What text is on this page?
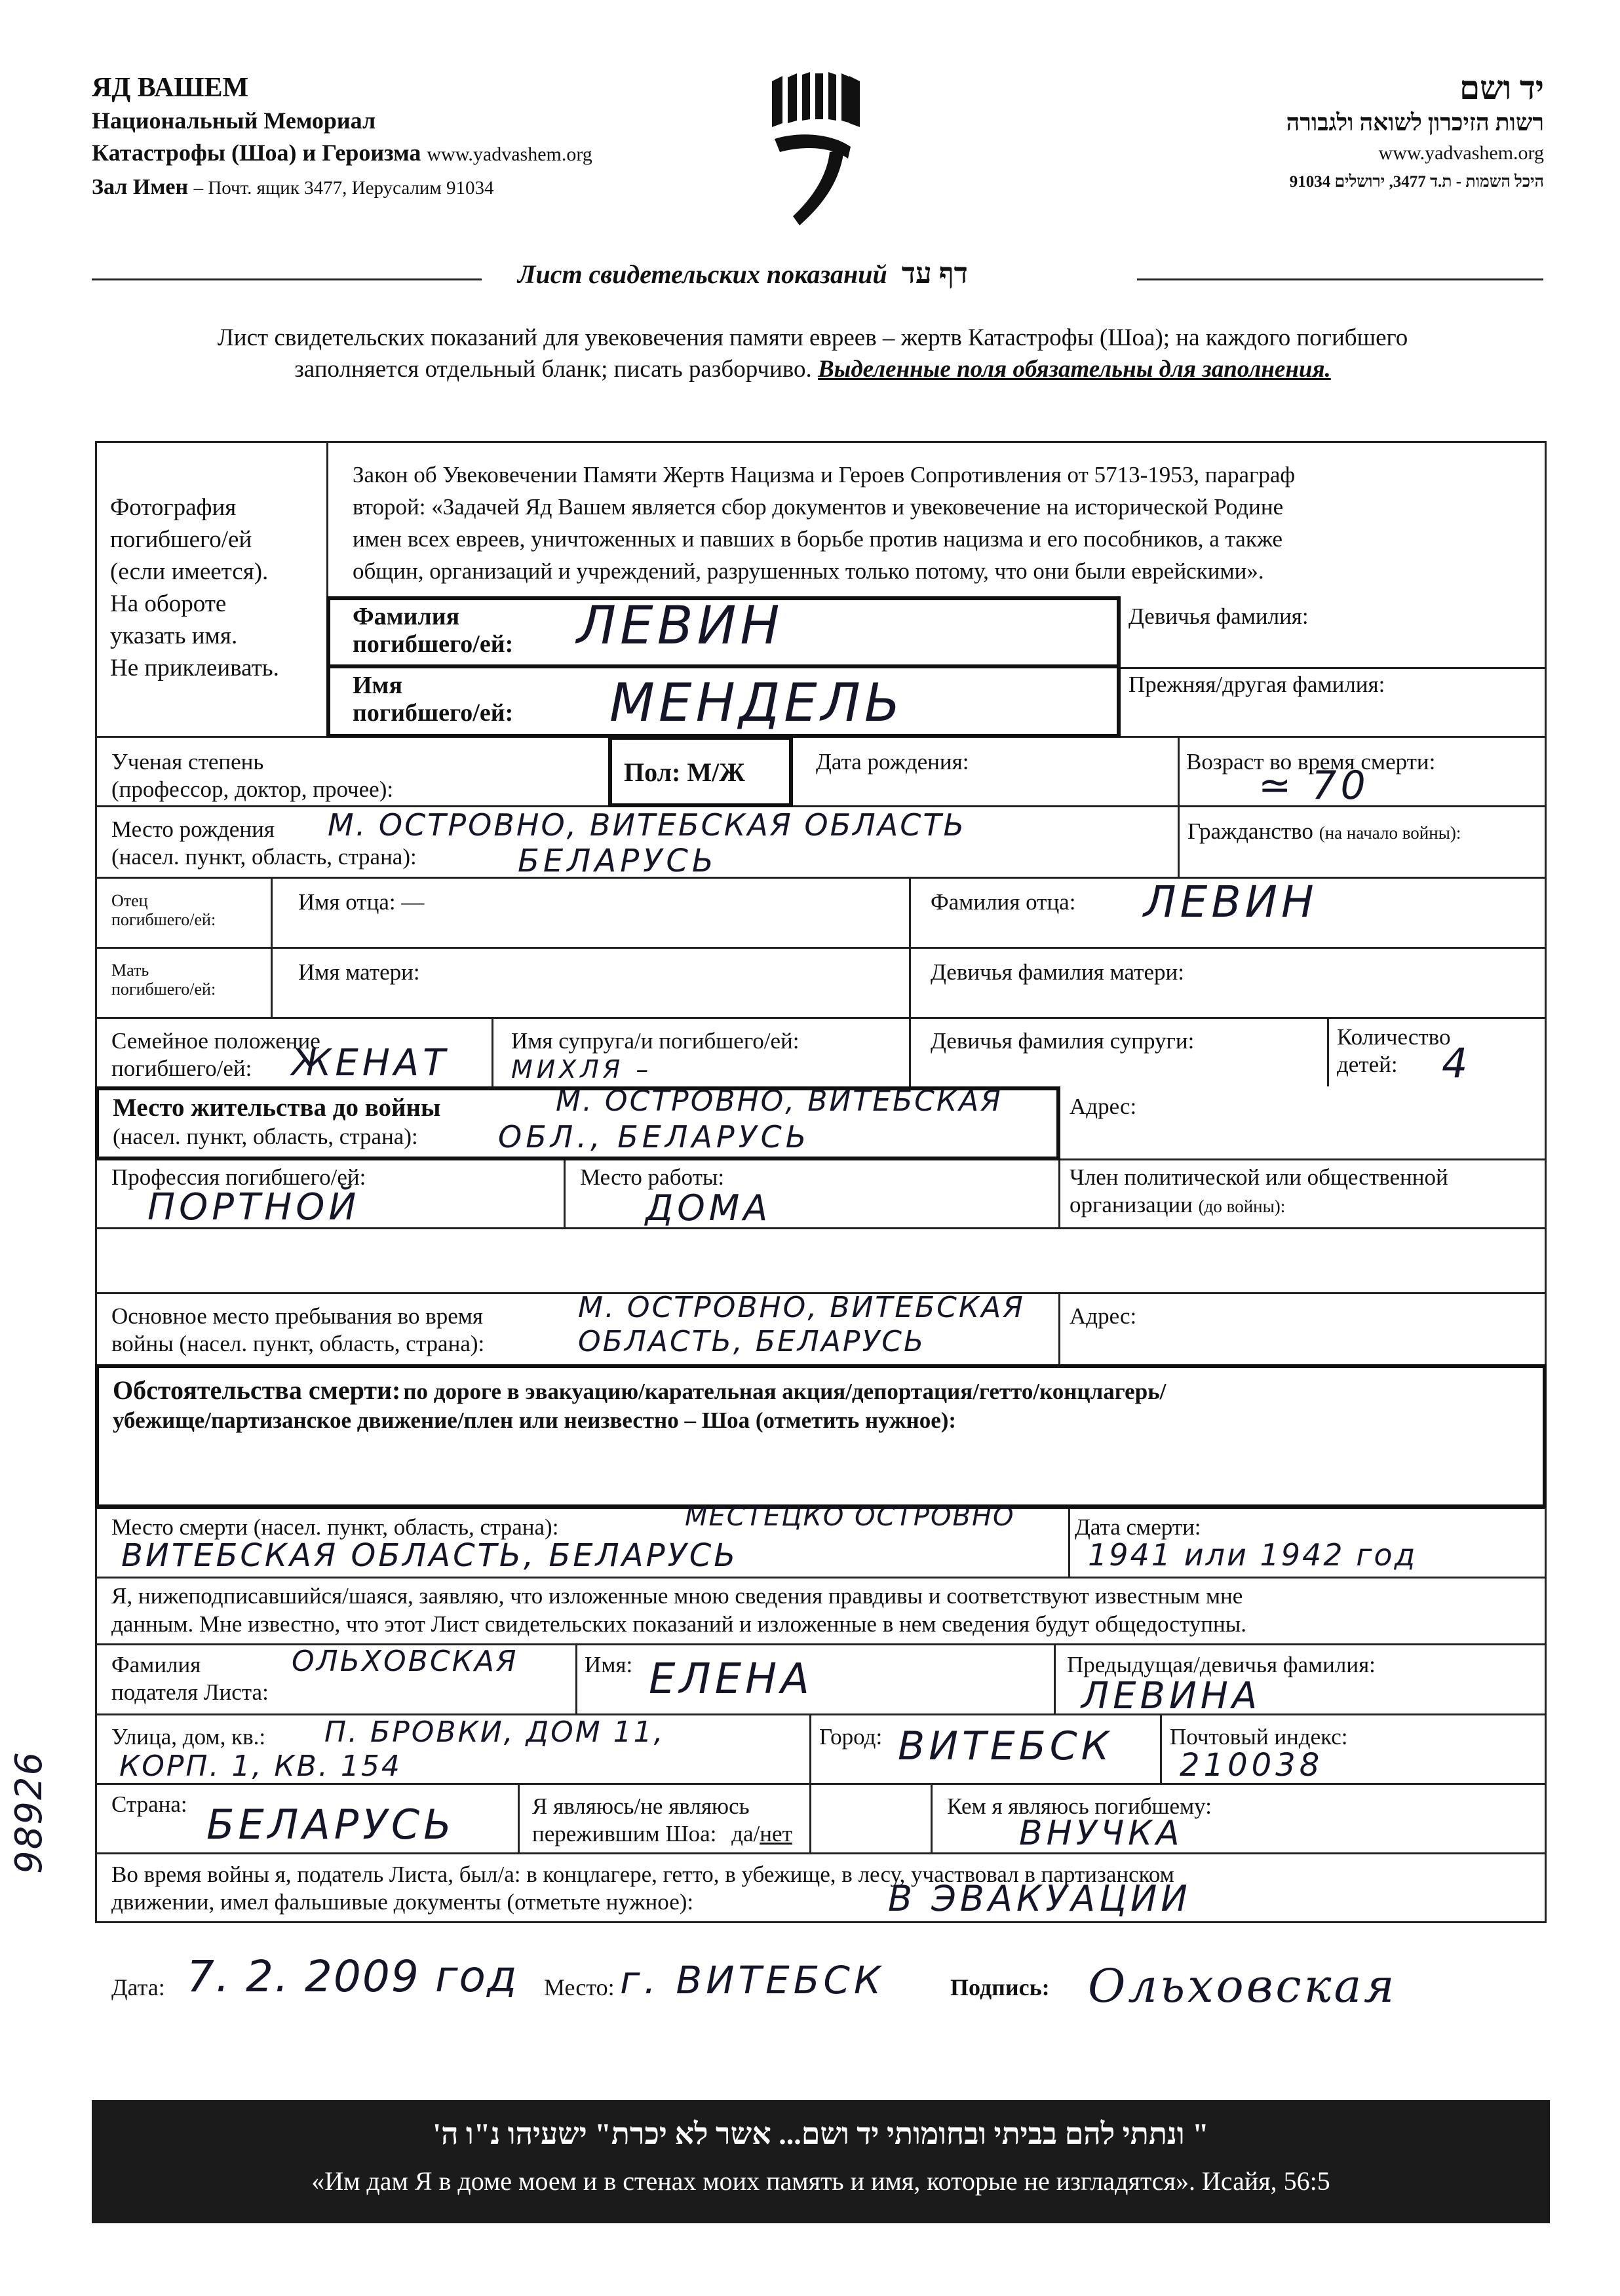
ЯД ВАШЕМ
Национальный Мемориал
Катастрофы (Шоа) и Героизма www.yadvashem.org
Зал Имен – Почт. ящик 3477, Иерусалим 91034
יד ושם
רשות הזיכרון לשואה ולגבורה
www.yadvashem.org
היכל השמות - ת.ד 3477, ירושלים 91034
Лист свидетельских показаний דף עד
Лист свидетельских показаний для увековечения памяти евреев – жертв Катастрофы (Шоа); на каждого погибшего
заполняется отдельный бланк; писать разборчиво. Выделенные поля обязательны для заполнения.
Фотография
погибшего/ей
(если имеется).
На обороте
указать имя.
Не приклеивать.
Закон об Увековечении Памяти Жертв Нацизма и Героев Сопротивления от 5713-1953, параграф
второй: «Задачей Яд Вашем является сбор документов и увековечение на исторической Родине
имен всех евреев, уничтоженных и павших в борьбе против нацизма и его пособников, а также
общин, организаций и учреждений, разрушенных только потому, что они были еврейскими».
Фамилия
погибшего/ей: ЛЕВИН	Девичья фамилия:
Имя
погибшего/ей: МЕНДЕЛЬ	Прежняя/другая фамилия:
Ученая степень
(профессор, доктор, прочее):
Пол: М/Ж	Дата рождения:	Возраст во время смерти:
≃ 70
Место рождения
(насел. пункт, область, страна):
М. ОСТРОВНО, ВИТЕБСКАЯ ОБЛАСТЬ
БЕЛАРУСЬ
Гражданство (на начало войны):
Отец
погибшего/ей:
Имя отца: —	Фамилия отца: ЛЕВИН
Мать
погибшего/ей:
Имя матери:	Девичья фамилия матери:
Семейное положение
погибшего/ей:	ЖЕНАТ
Имя супруга/и погибшего/ей:
МИХЛЯ –
Девичья фамилия супруги:	Количество
детей:	4
Место жительства до войны
(насел. пункт, область, страна):
М. ОСТРОВНО, ВИТЕБСКАЯ
ОБЛ., БЕЛАРУСЬ
Адрес:
Профессия погибшего/ей:
ПОРТНОЙ
Место работы:
ДОМА
Член политической или общественной
организации (до войны):
Основное место пребывания во время
войны (насел. пункт, область, страна):
М. ОСТРОВНО, ВИТЕБСКАЯ
ОБЛАСТЬ, БЕЛАРУСЬ
Адрес:
Обстоятельства смерти: по дороге в эвакуацию/карательная акция/депортация/гетто/концлагерь/
убежище/партизанское движение/плен или неизвестно – Шоа (отметить нужное):
Место смерти (насел. пункт, область, страна):	МЕСТЕЦКО ОСТРОВНО
ВИТЕБСКАЯ ОБЛАСТЬ, БЕЛАРУСЬ
Дата смерти:
1941 или 1942 год
Я, нижеподписавшийся/шаяся, заявляю, что изложенные мною сведения правдивы и соответствуют известным мне
данным. Мне известно, что этот Лист свидетельских показаний и изложенные в нем сведения будут общедоступны.
Фамилия
подателя Листа:
ОЛЬХОВСКАЯ	Имя: ЕЛЕНА	Предыдущая/девичья фамилия:
ЛЕВИНА
Улица, дом, кв.: П. БРОВКИ, ДОМ 11,
КОРП. 1, КВ. 154
Город: ВИТЕБСК Почтовый индекс:
210038
Страна: БЕЛАРУСЬ	Я являюсь/не являюсь
пережившим Шоа: да/нет
Кем я являюсь погибшему:
ВНУЧКА
Во время войны я, податель Листа, был/а: в концлагере, гетто, в убежище, в лесу, участвовал в партизанском
движении, имел фальшивые документы (отметьте нужное):	В ЭВАКУАЦИИ
98926
Дата: 7. 2. 2009 год Место: г. ВИТЕБСК	Подпись: Ольховская
" ונתתי להם בביתי ובחומותי יד ושם... אשר לא יכרת" ישעיהו נ"ו ה'
«Им дам Я в доме моем и в стенах моих память и имя, которые не изгладятся». Исайя, 56:5
